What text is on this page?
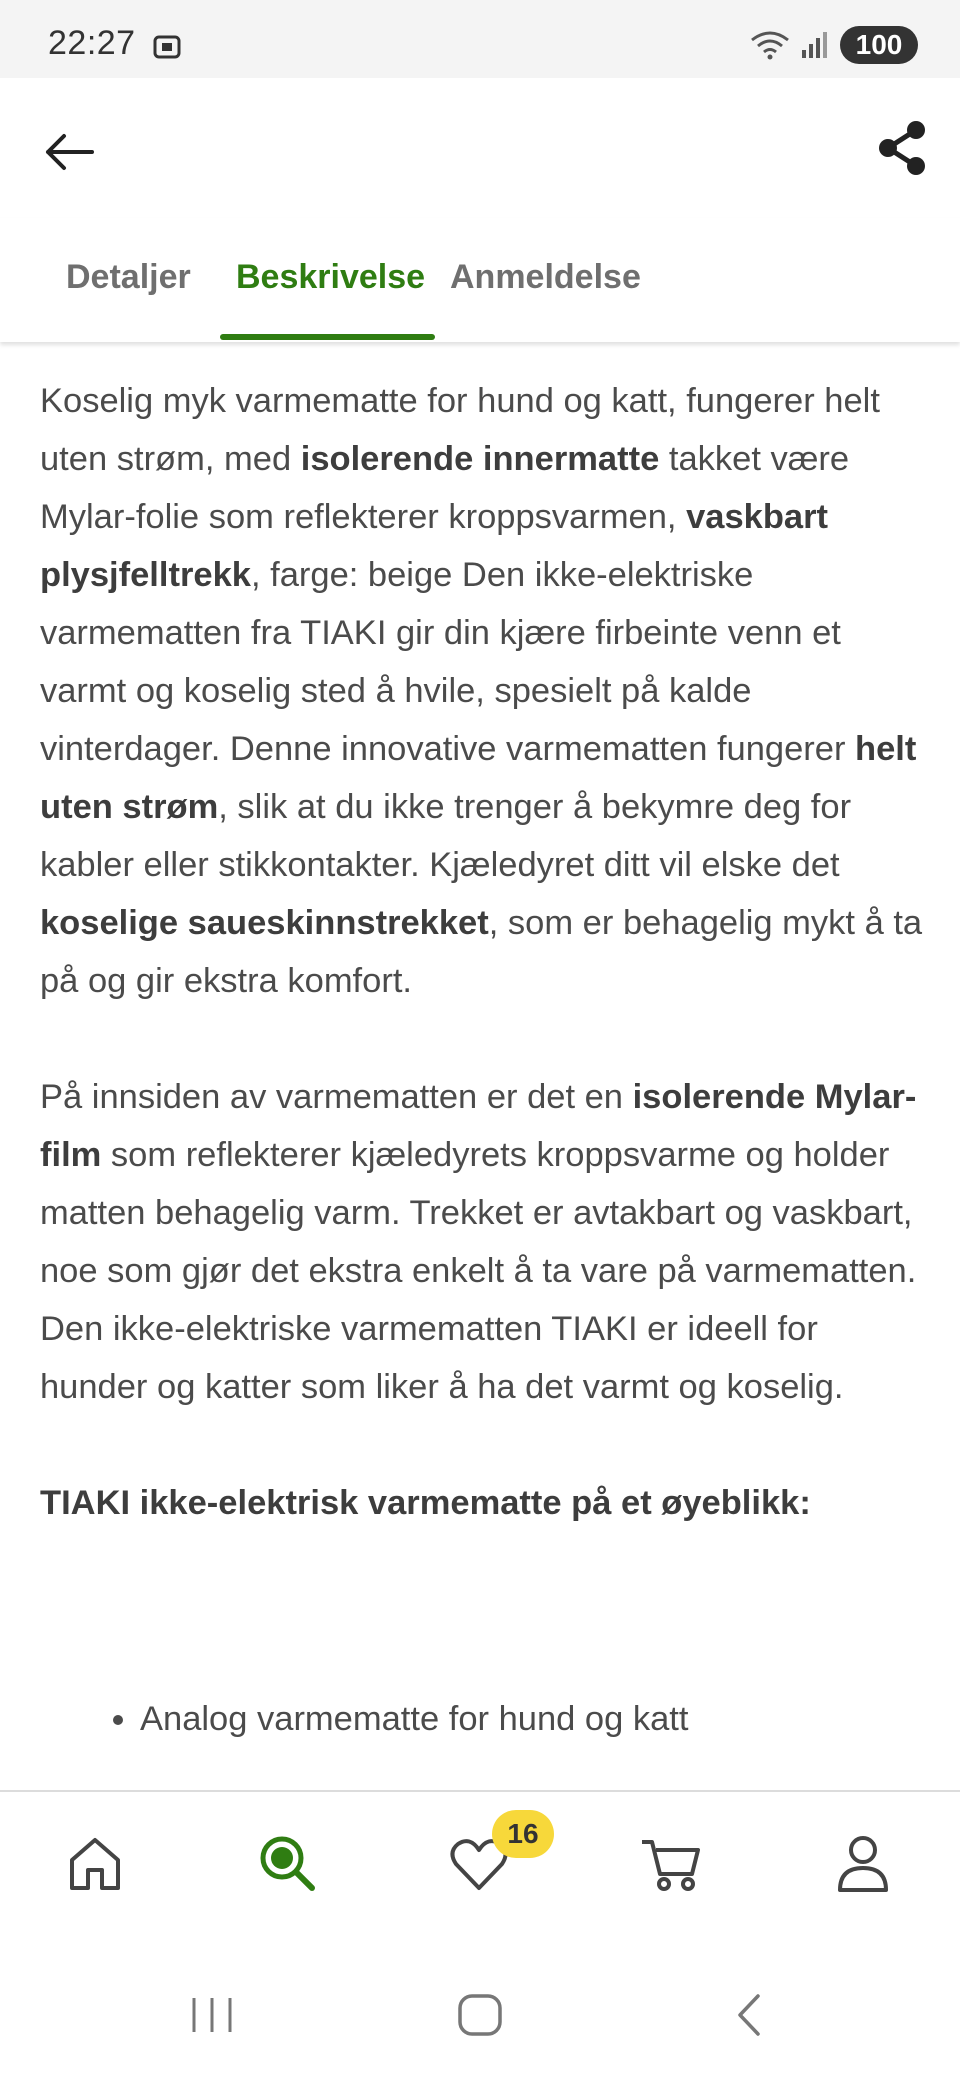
22:27	100
Detaljer Beskrivelse Anmeldelse

Koselig myk varmematte for hund og katt, fungerer helt uten strøm, med isolerende innermatte takket være Mylar-folie som reflekterer kroppsvarmen, vaskbart plysjfelltrekk, farge: beige Den ikke-elektriske varmematten fra TIAKI gir din kjære firbeinte venn et varmt og koselig sted å hvile, spesielt på kalde vinterdager. Denne innovative varmematten fungerer helt uten strøm, slik at du ikke trenger å bekymre deg for kabler eller stikkontakter. Kjæledyret ditt vil elske det koselige saueskinnstrekket, som er behagelig mykt å ta på og gir ekstra komfort.

På innsiden av varmematten er det en isolerende Mylar-film som reflekterer kjæledyrets kroppsvarme og holder matten behagelig varm. Trekket er avtakbart og vaskbart, noe som gjør det ekstra enkelt å ta vare på varmematten. Den ikke-elektriske varmematten TIAKI er ideell for hunder og katter som liker å ha det varmt og koselig.

TIAKI ikke-elektrisk varmematte på et øyeblikk:

• Analog varmematte for hund og katt
16
